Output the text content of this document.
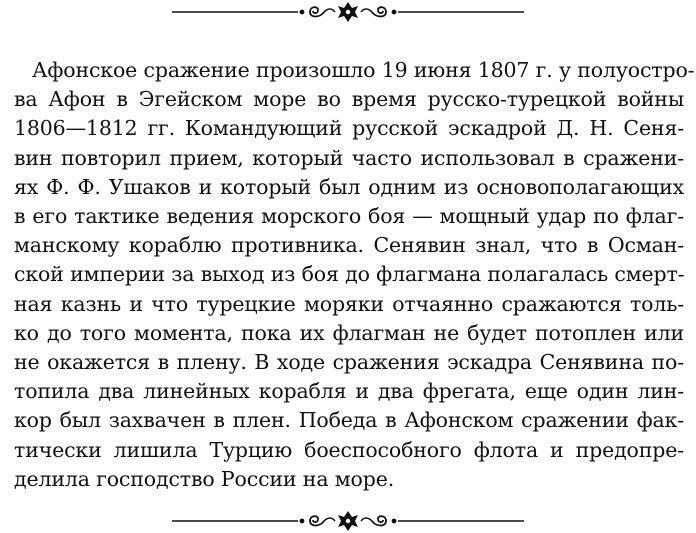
Афонское сражение произошло 19 июня 1807 г. у полуостро-
ва Афон в Эгейском море во время русско-турецкой войны
1806—1812 гг. Командующий русской эскадрой Д. Н. Сеня-
вин повторил прием, который часто использовал в сражени-
ях Ф. Ф. Ушаков и который был одним из основополагающих
в его тактике ведения морского боя — мощный удар по флаг-
манскому кораблю противника. Сенявин знал, что в Осман-
ской империи за выход из боя до флагмана полагалась смерт-
ная казнь и что турецкие моряки отчаянно сражаются толь-
ко до того момента, пока их флагман не будет потоплен или
не окажется в плену. В ходе сражения эскадра Сенявина по-
топила два линейных корабля и два фрегата, еще один лин-
кор был захвачен в плен. Победа в Афонском сражении фак-
тически лишила Турцию боеспособного флота и предопре-
делила господство России на море.
